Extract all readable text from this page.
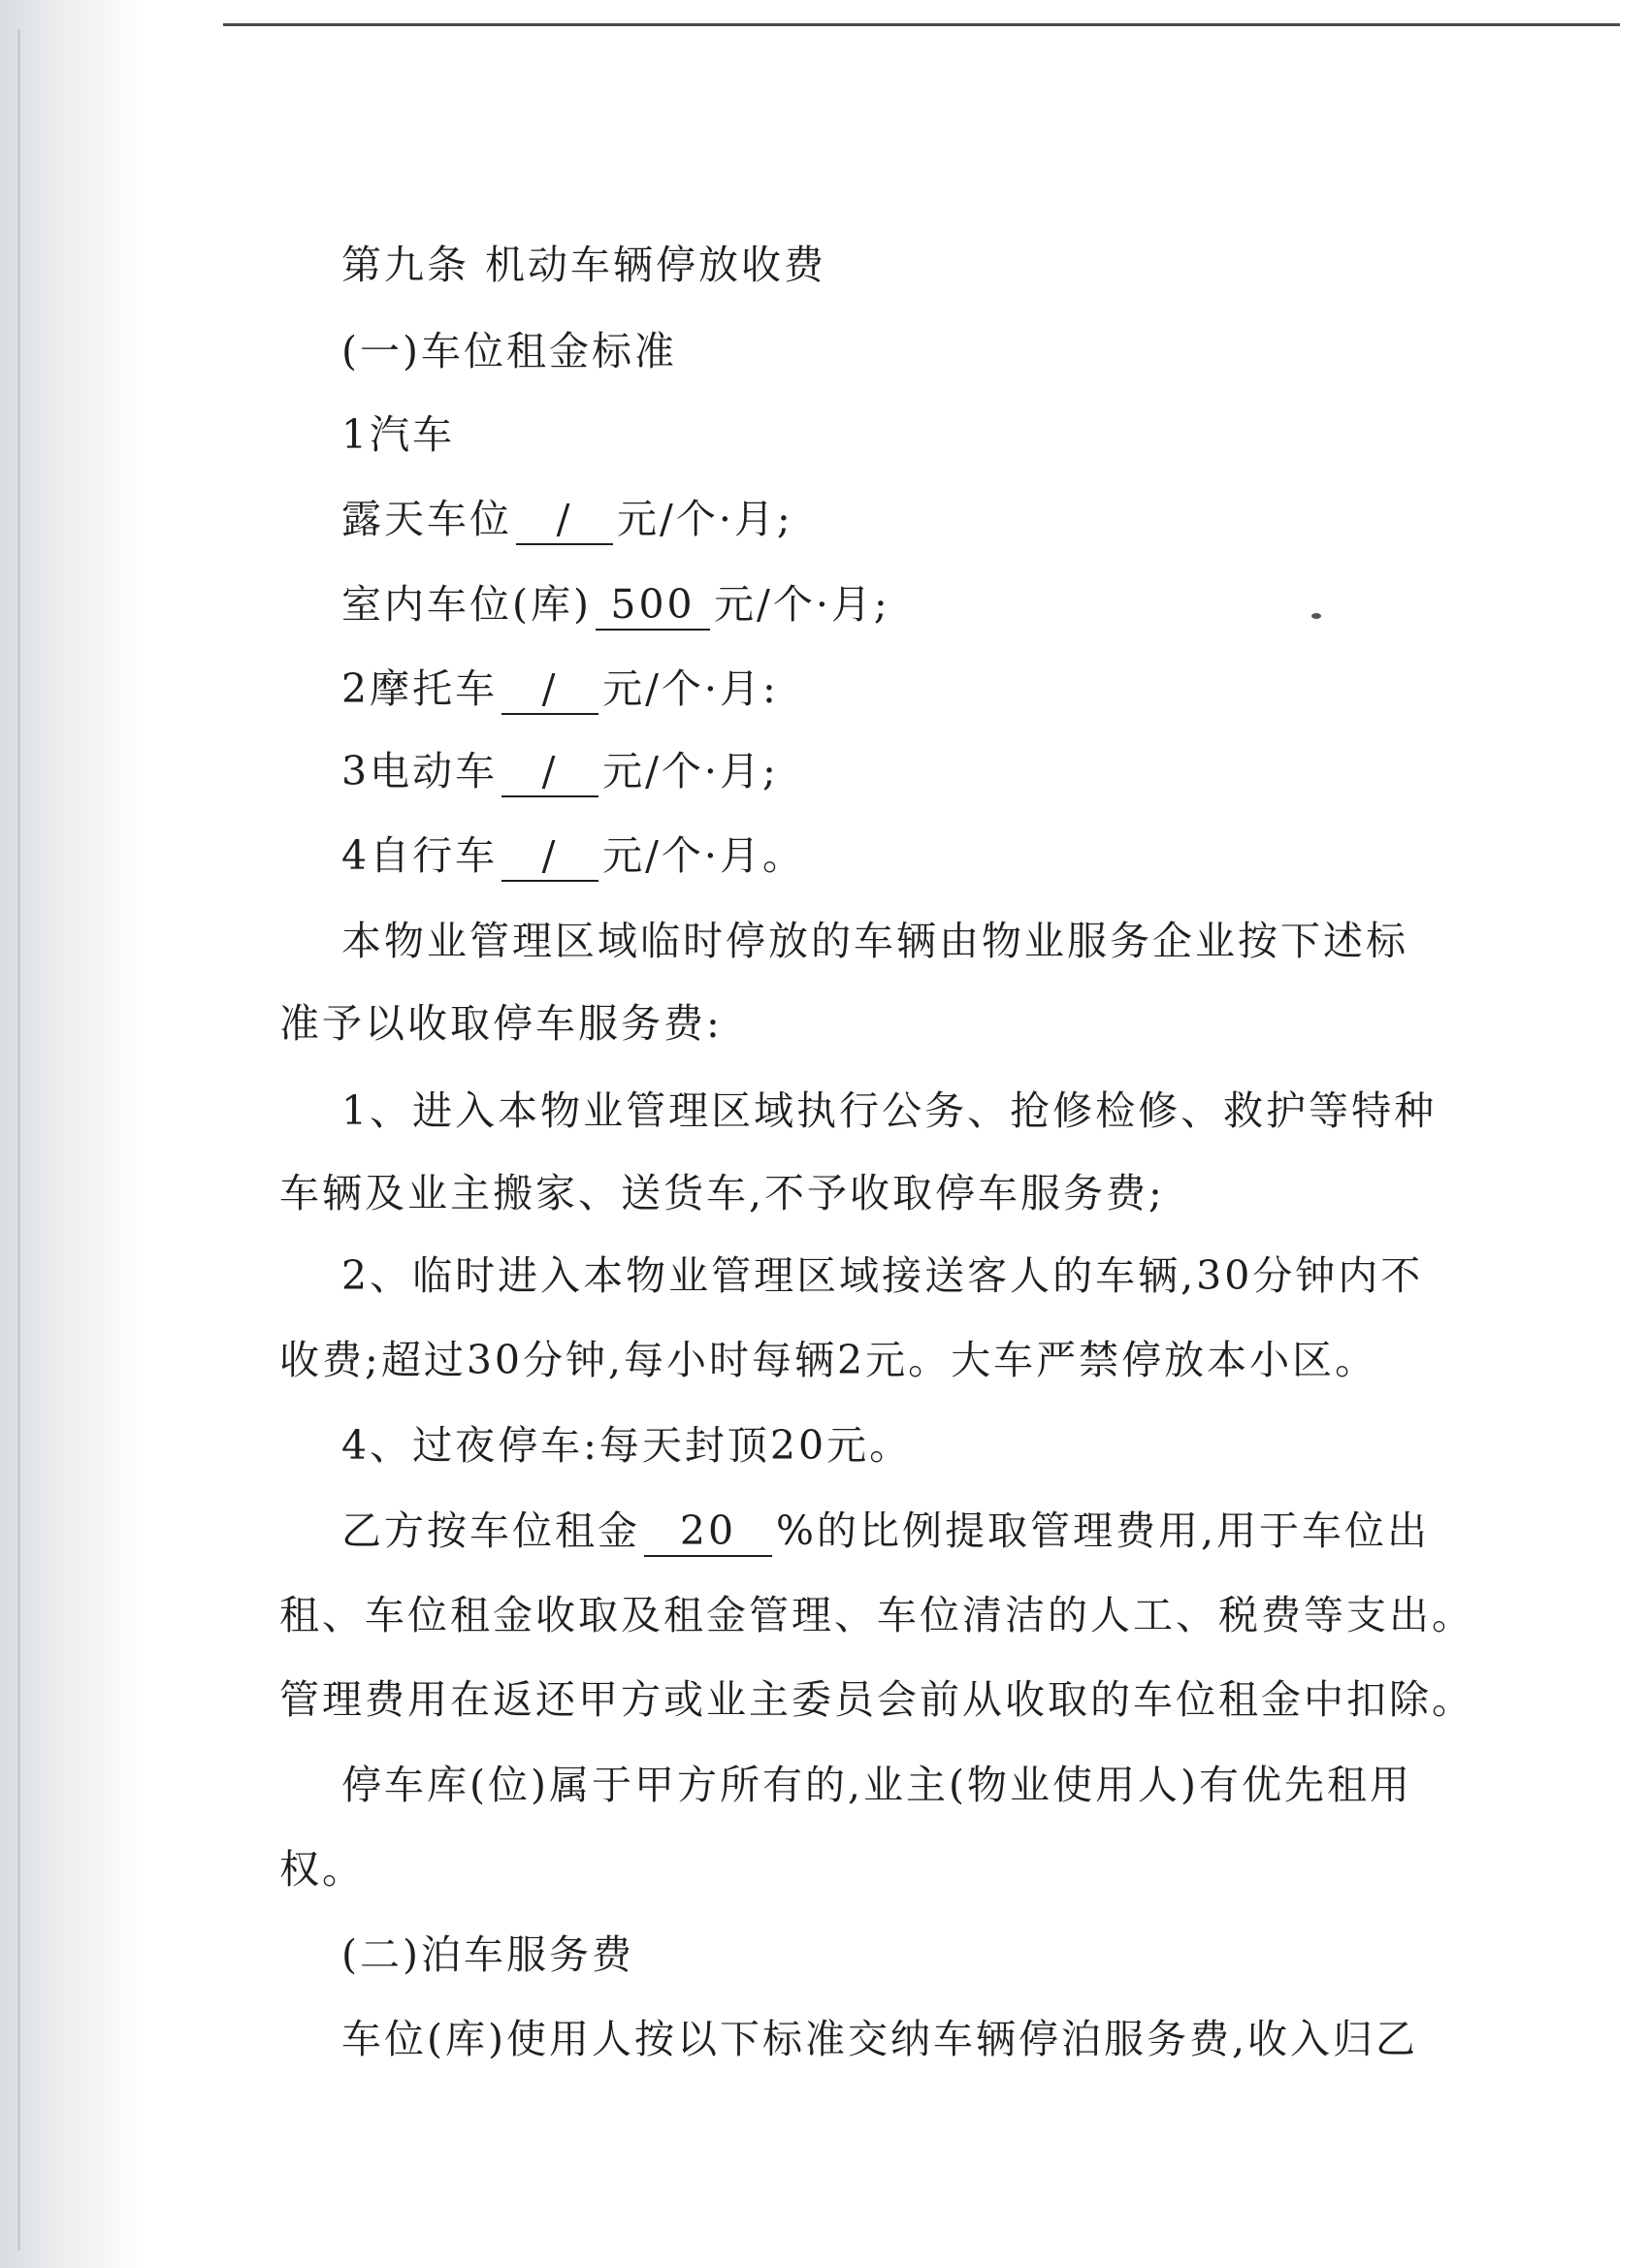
第九条 机动车辆停放收费
(一)车位租金标准
1汽车
露天车位 / 元/个·月;
室内车位(库) 500 元/个·月;
2摩托车 / 元/个·月:
3电动车 / 元/个·月;
4自行车 / 元/个·月。
本物业管理区域临时停放的车辆由物业服务企业按下述标
准予以收取停车服务费:
1、进入本物业管理区域执行公务、抢修检修、救护等特种
车辆及业主搬家、送货车,不予收取停车服务费;
2、临时进入本物业管理区域接送客人的车辆,30分钟内不
收费;超过30分钟,每小时每辆2元。大车严禁停放本小区。
4、过夜停车:每天封顶20元。
乙方按车位租金 20 %的比例提取管理费用,用于车位出
租、车位租金收取及租金管理、车位清洁的人工、税费等支出。
管理费用在返还甲方或业主委员会前从收取的车位租金中扣除。
停车库(位)属于甲方所有的,业主(物业使用人)有优先租用
权。
(二)泊车服务费
车位(库)使用人按以下标准交纳车辆停泊服务费,收入归乙
